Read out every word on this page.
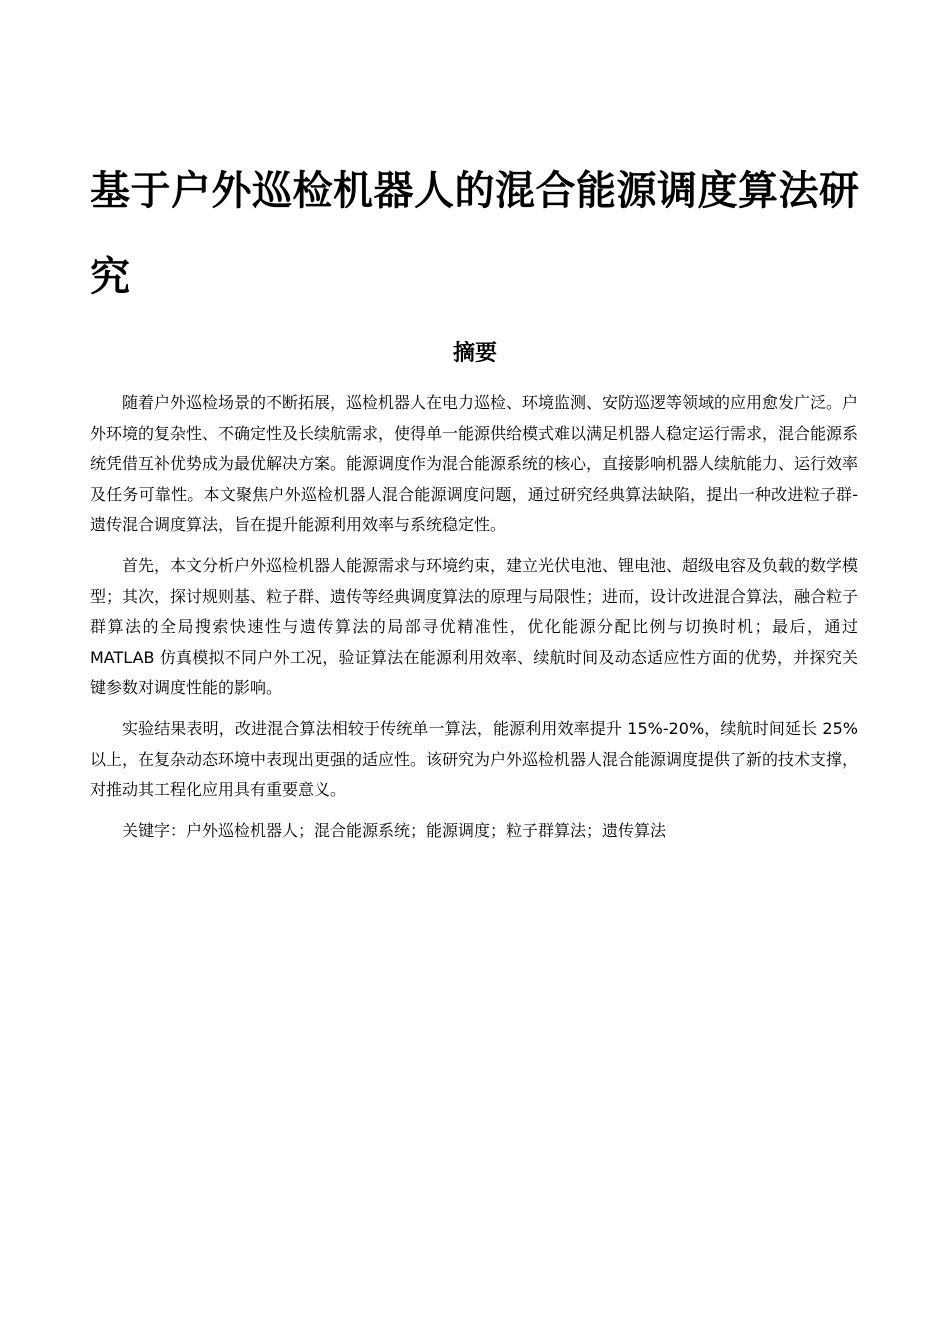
基于户外巡检机器人的混合能源调度算法研究
摘要

随着户外巡检场景的不断拓展，巡检机器人在电力巡检、环境监测、安防巡逻等领域的应用愈发广泛。户外环境的复杂性、不确定性及长续航需求，使得单一能源供给模式难以满足机器人稳定运行需求，混合能源系统凭借互补优势成为最优解决方案。能源调度作为混合能源系统的核心，直接影响机器人续航能力、运行效率及任务可靠性。本文聚焦户外巡检机器人混合能源调度问题，通过研究经典算法缺陷，提出一种改进粒子群-遗传混合调度算法，旨在提升能源利用效率与系统稳定性。

首先，本文分析户外巡检机器人能源需求与环境约束，建立光伏电池、锂电池、超级电容及负载的数学模型；其次，探讨规则基、粒子群、遗传等经典调度算法的原理与局限性；进而，设计改进混合算法，融合粒子群算法的全局搜索快速性与遗传算法的局部寻优精准性，优化能源分配比例与切换时机；最后，通过 MATLAB 仿真模拟不同户外工况，验证算法在能源利用效率、续航时间及动态适应性方面的优势，并探究关键参数对调度性能的影响。

实验结果表明，改进混合算法相较于传统单一算法，能源利用效率提升 15%-20%，续航时间延长 25%以上，在复杂动态环境中表现出更强的适应性。该研究为户外巡检机器人混合能源调度提供了新的技术支撑，对推动其工程化应用具有重要意义。

关键字：户外巡检机器人；混合能源系统；能源调度；粒子群算法；遗传算法
